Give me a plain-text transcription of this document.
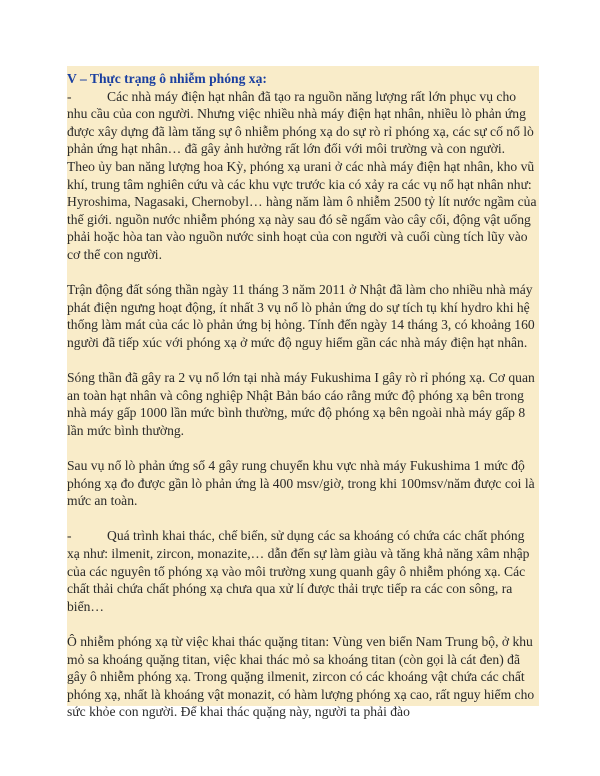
V – Thực trạng ô nhiễm phóng xạ:

-	Các nhà máy điện hạt nhân đã tạo ra nguồn năng lượng rất lớn phục vụ cho nhu cầu của con người. Nhưng việc nhiều nhà máy điện hạt nhân, nhiều lò phản ứng được xây dựng đã làm tăng sự ô nhiễm phóng xạ do sự rò rỉ phóng xạ, các sự cố nổ lò phản ứng hạt nhân… đã gây ảnh hưởng rất lớn đối với môi trường và con người.

Theo ủy ban năng lượng hoa Kỳ, phóng xạ urani ở các nhà máy điện hạt nhân, kho vũ khí, trung tâm nghiên cứu và các khu vực trước kia có xảy ra các vụ nổ hạt nhân như: Hyroshima, Nagasaki, Chernobyl… hàng năm làm ô nhiễm 2500 tỷ lít nước ngầm của thế giới. nguồn nước nhiễm phóng xạ này sau đó sẽ ngấm vào cây cối, động vật uống phải hoặc hòa tan vào nguồn nước sinh hoạt của con người và cuối cùng tích lũy vào cơ thể con người.

Trận động đất sóng thần ngày 11 tháng 3 năm 2011 ở Nhật đã làm cho nhiều nhà máy phát điện ngưng hoạt động, ít nhất 3 vụ nổ lò phản ứng do sự tích tụ khí hydro khi hệ thống làm mát của các lò phản ứng bị hỏng. Tính đến ngày 14 tháng 3, có khoảng 160 người đã tiếp xúc với phóng xạ ở mức độ nguy hiểm gần các nhà máy điện hạt nhân.

Sóng thần đã gây ra 2 vụ nổ lớn tại nhà máy Fukushima I gây rò rỉ phóng xạ. Cơ quan an toàn hạt nhân và công nghiệp Nhật Bản báo cáo rằng mức độ phóng xạ bên trong nhà máy gấp 1000 lần mức bình thường, mức độ phóng xạ bên ngoài nhà máy gấp 8 lần mức bình thường.

Sau vụ nổ lò phản ứng số 4 gây rung chuyển khu vực nhà máy Fukushima 1 mức độ phóng xạ đo được gần lò phản ứng là 400 msv/giờ, trong khi 100msv/năm được coi là mức an toàn.

-	Quá trình khai thác, chế biến, sử dụng các sa khoáng có chứa các chất phóng xạ như: ilmenit, zircon, monazite,… dẫn đến sự làm giàu và tăng khả năng xâm nhập của các nguyên tố phóng xạ vào môi trường xung quanh gây ô nhiễm phóng xạ. Các chất thải chứa chất phóng xạ chưa qua xử lí được thải trực tiếp ra các con sông, ra biển…

Ô nhiễm phóng xạ từ việc khai thác quặng titan: Vùng ven biển Nam Trung bộ, ở khu mỏ sa khoáng quặng titan, việc khai thác mỏ sa khoáng titan (còn gọi là cát đen) đã gây ô nhiễm phóng xạ. Trong quặng ilmenit, zircon có các khoáng vật chứa các chất phóng xạ, nhất là khoáng vật monazit, có hàm lượng phóng xạ cao, rất nguy hiểm cho sức khỏe con người. Để khai thác quặng này, người ta phải đào
